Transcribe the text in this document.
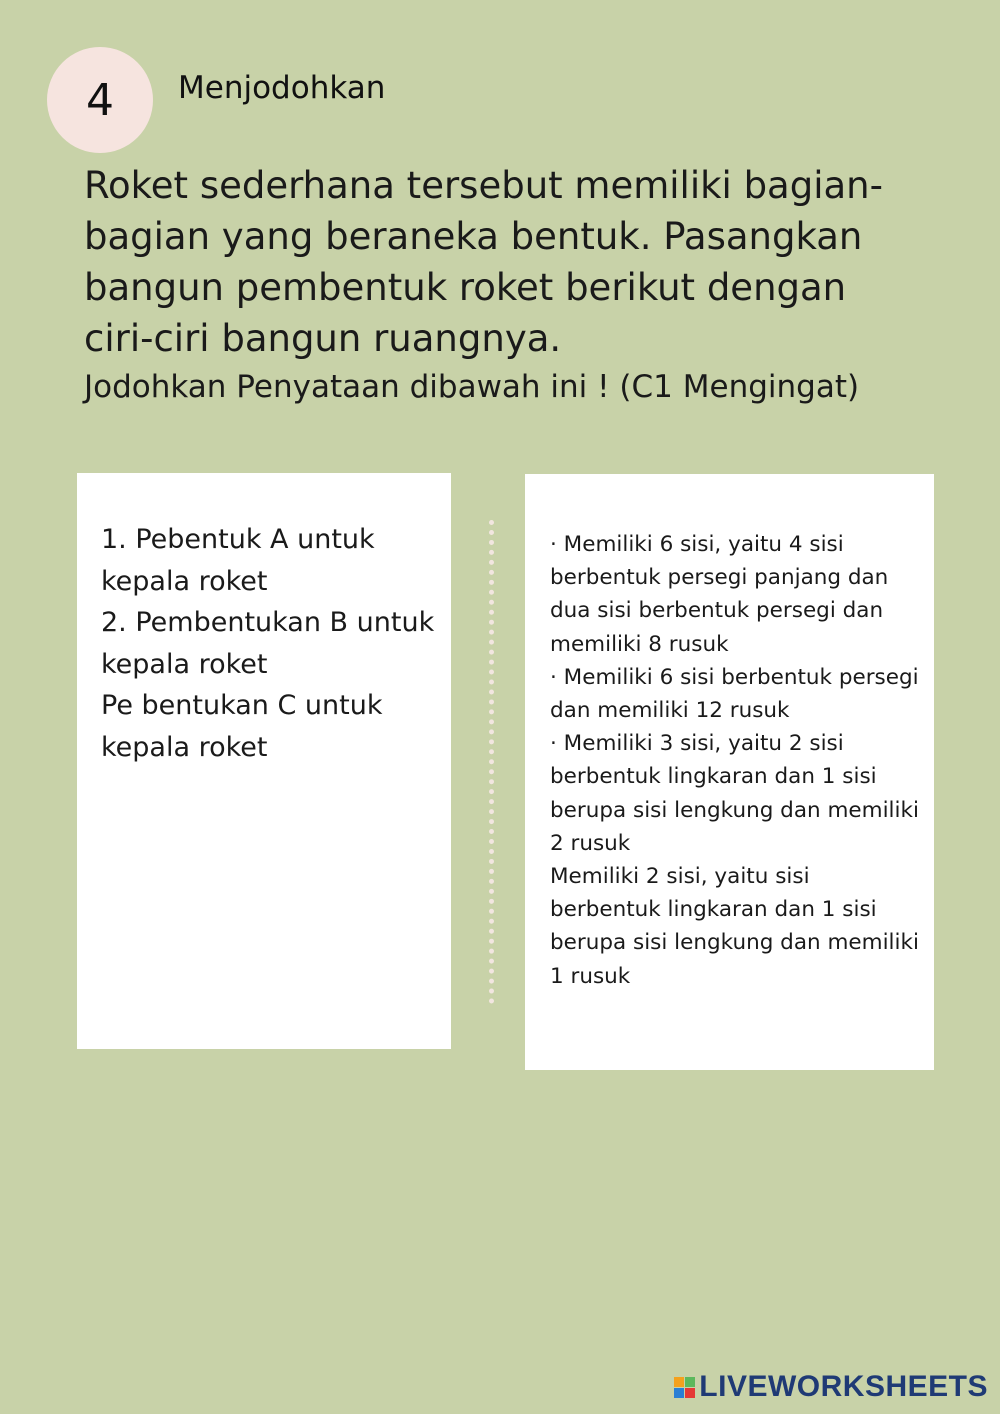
4 Menjodohkan

Roket sederhana tersebut memiliki bagian-bagian yang beraneka bentuk. Pasangkan bangun pembentuk roket berikut dengan ciri-ciri bangun ruangnya.

Jodohkan Penyataan dibawah ini ! (C1 Mengingat)

1. Pebentuk A untuk kepala roket
2. Pembentukan B untuk kepala roket
Pe bentukan C untuk kepala roket
· Memiliki 6 sisi, yaitu 4 sisi berbentuk persegi panjang dan dua sisi berbentuk persegi dan memiliki 8 rusuk
· Memiliki 6 sisi berbentuk persegi dan memiliki 12 rusuk
· Memiliki 3 sisi, yaitu 2 sisi berbentuk lingkaran dan 1 sisi berupa sisi lengkung dan memiliki 2 rusuk
Memiliki 2 sisi, yaitu sisi berbentuk lingkaran dan 1 sisi berupa sisi lengkung dan memiliki 1 rusuk
LIVEWORKSHEETS
